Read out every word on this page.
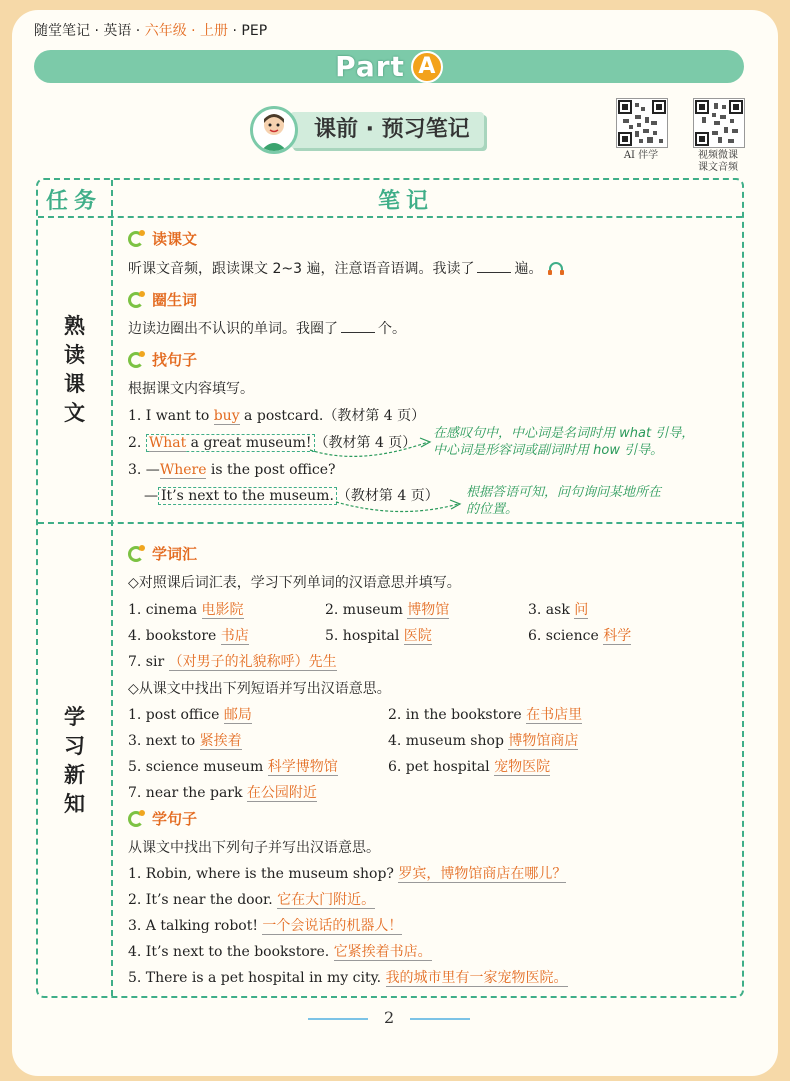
随堂笔记 · 英语 · 六年级 · 上册 · PEP
Part A
课前 · 预习笔记
AI 伴学	视频微课
课文音频
任务	笔记
熟
读
课
文
学
习
新
知
读课文
听课文音频，跟读课文 2~3 遍，注意语音语调。我读了	遍。
圈生词
边读边圈出不认识的单词。我圈了	个。
找句子
根据课文内容填写。
1. I want to buy a postcard.（教材第 4 页）
2. What a great museum! （教材第 4 页）
3. —Where is the post office?
— It’s next to the museum. （教材第 4 页）
在感叹句中，中心词是名词时用 what 引导，
中心词是形容词或副词时用 how 引导。
根据答语可知，问句询问某地所在
的位置。
学词汇
◇对照课后词汇表，学习下列单词的汉语意思并填写。
1. cinema 电影院	2. museum 博物馆	3. ask 问
4. bookstore 书店	5. hospital 医院	6. science 科学
7. sir （对男子的礼貌称呼）先生
◇从课文中找出下列短语并写出汉语意思。
1. post office 邮局	2. in the bookstore 在书店里
3. next to 紧挨着	4. museum shop 博物馆商店
5. science museum 科学博物馆	6. pet hospital 宠物医院
7. near the park 在公园附近
学句子
从课文中找出下列句子并写出汉语意思。
1. Robin, where is the museum shop? 罗宾，博物馆商店在哪儿？
2. It’s near the door. 它在大门附近。
3. A talking robot! 一个会说话的机器人！
4. It’s next to the bookstore. 它紧挨着书店。
5. There is a pet hospital in my city. 我的城市里有一家宠物医院。
2
